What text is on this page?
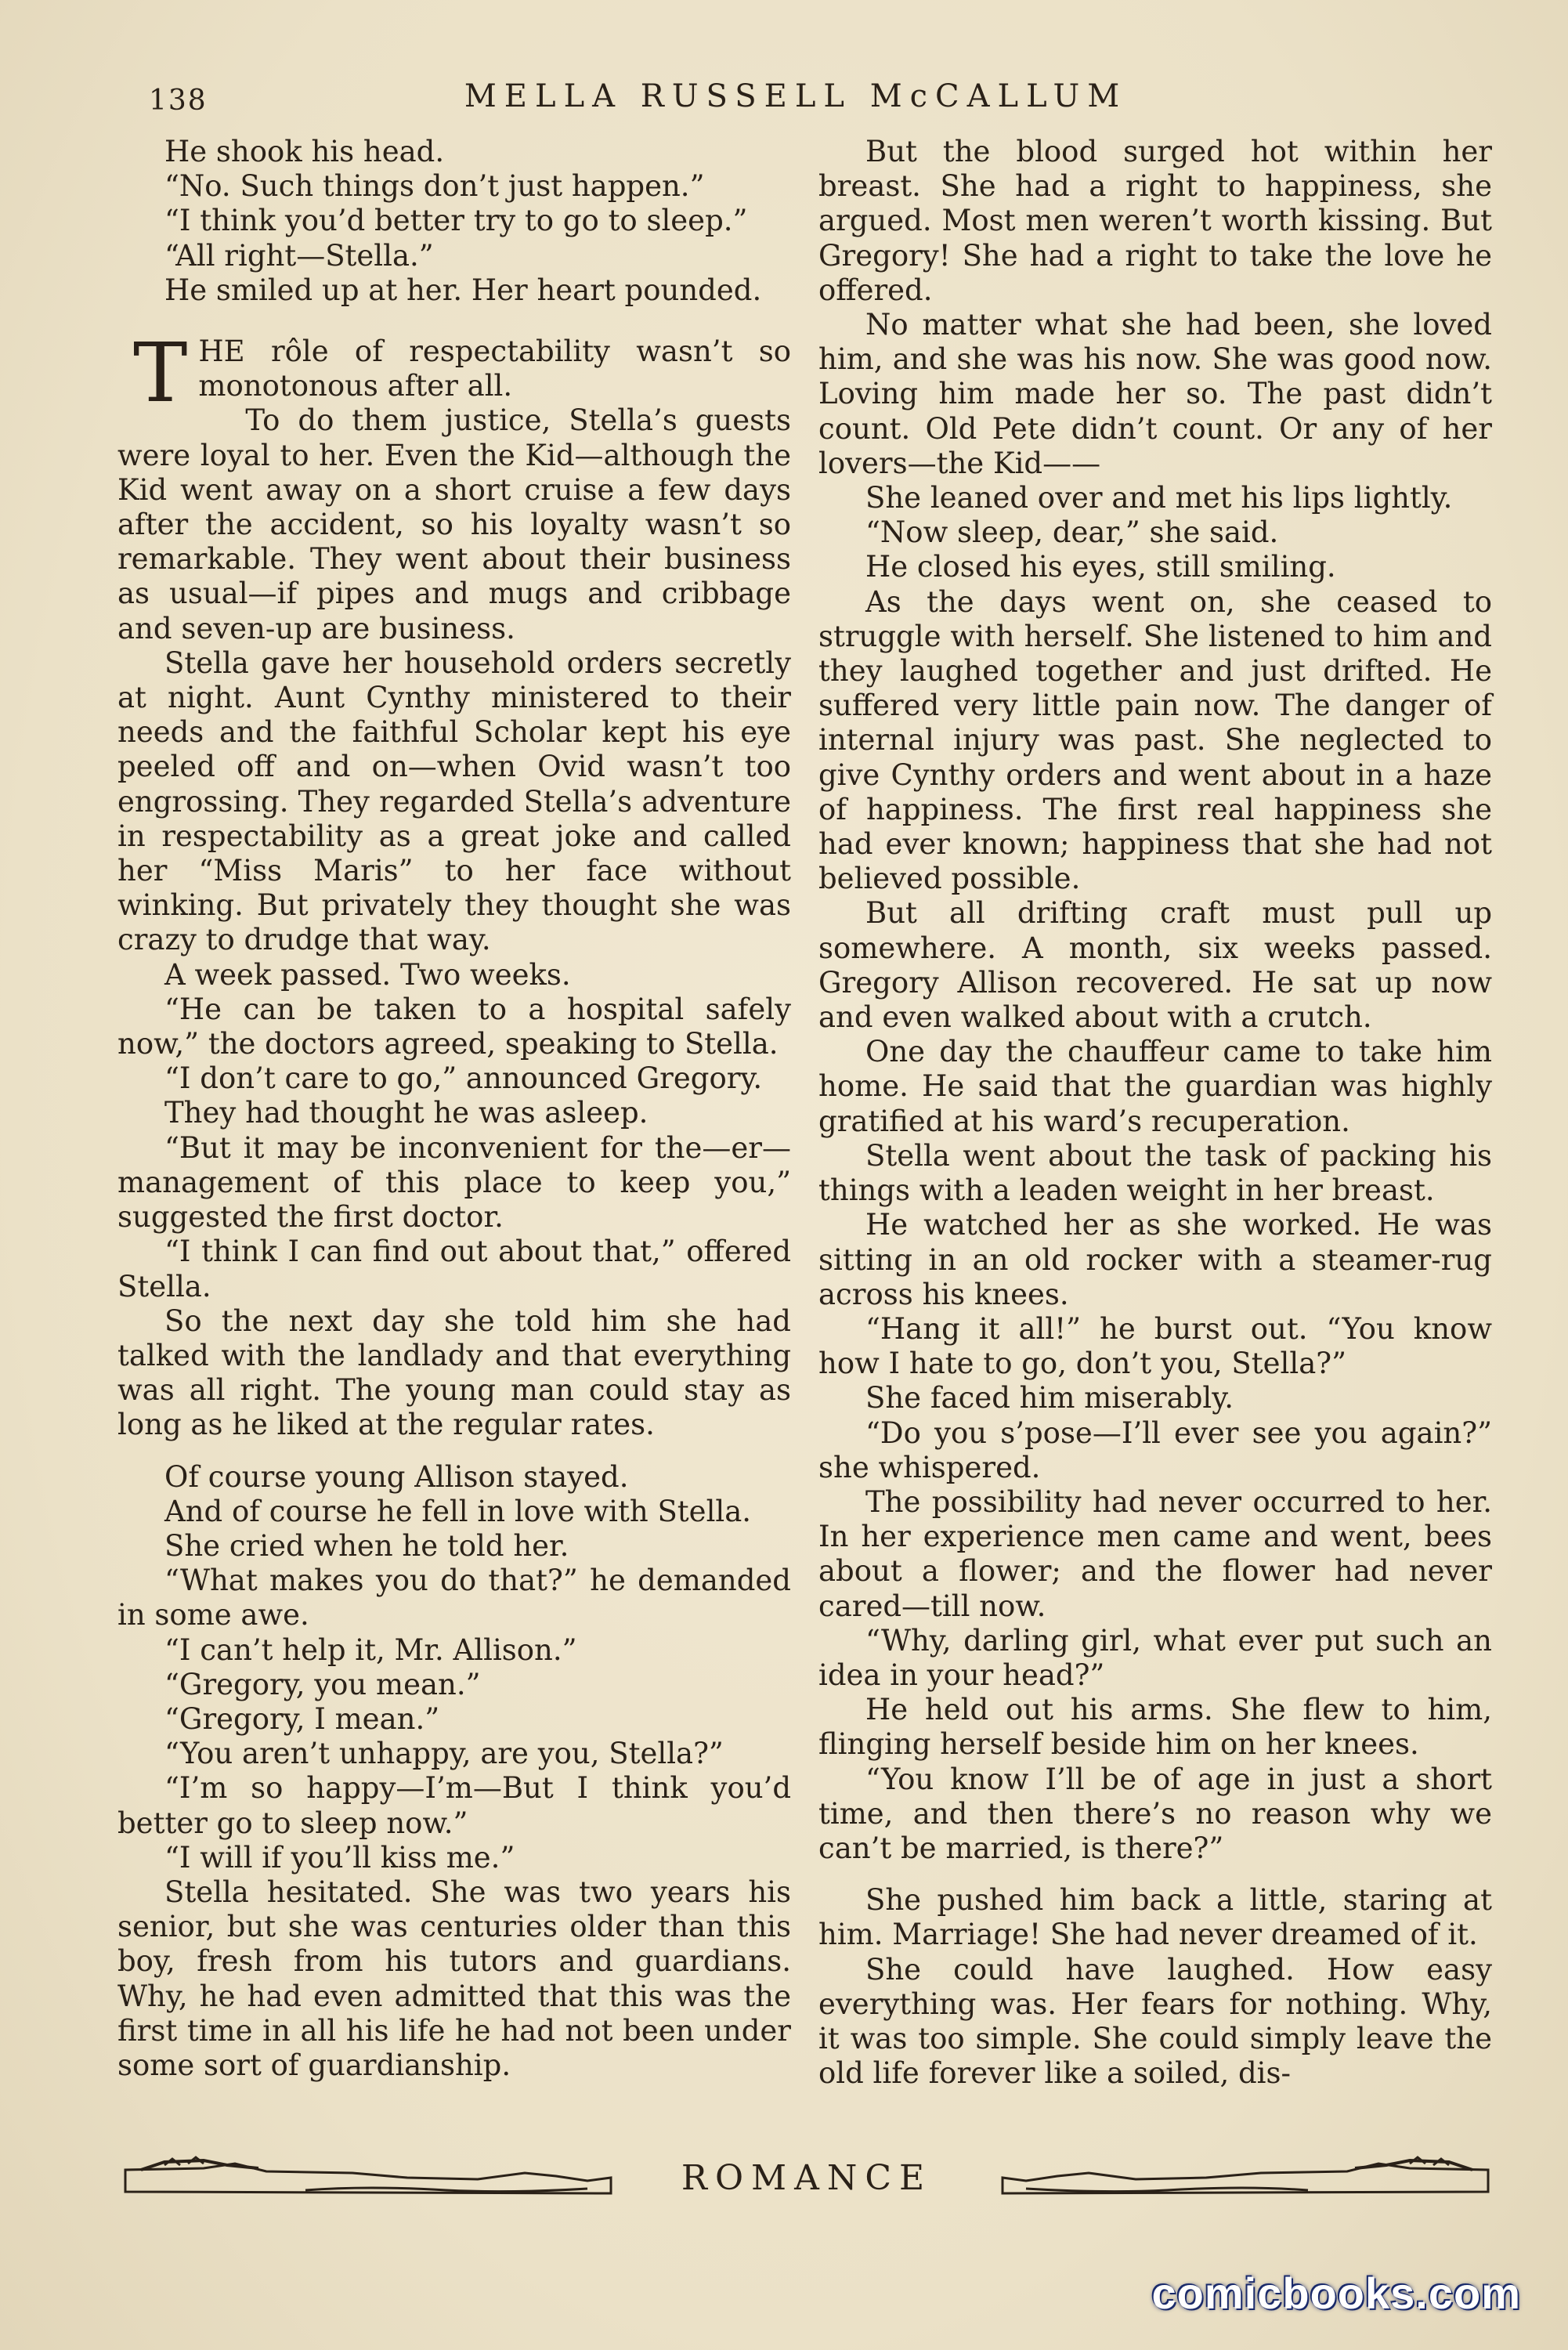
138	MELLA RUSSELL McCALLUM

He shook his head.

“No. Such things don’t just happen.”

“I think you’d better try to go to sleep.”

“All right—Stella.”

He smiled up at her. Her heart pounded.

THE rôle of respectability wasn’t so monotonous after all.

To do them justice, Stella’s guests were loyal to her. Even the Kid—although the Kid went away on a short cruise a few days after the accident, so his loyalty wasn’t so remarkable. They went about their business as usual—if pipes and mugs and cribbage and seven-up are business.

Stella gave her household orders secretly at night. Aunt Cynthy ministered to their needs and the faithful Scholar kept his eye peeled off and on—when Ovid wasn’t too engrossing. They regarded Stella’s adventure in respectability as a great joke and called her “Miss Maris” to her face without winking. But privately they thought she was crazy to drudge that way.

A week passed. Two weeks.

“He can be taken to a hospital safely now,” the doctors agreed, speaking to Stella.

“I don’t care to go,” announced Gregory.

They had thought he was asleep.

“But it may be inconvenient for the—er—management of this place to keep you,” suggested the first doctor.

“I think I can find out about that,” offered Stella.

So the next day she told him she had talked with the landlady and that everything was all right. The young man could stay as long as he liked at the regular rates.

Of course young Allison stayed.

And of course he fell in love with Stella.

She cried when he told her.

“What makes you do that?” he demanded in some awe.

“I can’t help it, Mr. Allison.”

“Gregory, you mean.”

“Gregory, I mean.”

“You aren’t unhappy, are you, Stella?”

“I’m so happy—I’m—But I think you’d better go to sleep now.”

“I will if you’ll kiss me.”

Stella hesitated. She was two years his senior, but she was centuries older than this boy, fresh from his tutors and guardians. Why, he had even admitted that this was the first time in all his life he had not been under some sort of guardianship.

But the blood surged hot within her breast. She had a right to happiness, she argued. Most men weren’t worth kissing. But Gregory! She had a right to take the love he offered.

No matter what she had been, she loved him, and she was his now. She was good now. Loving him made her so. The past didn’t count. Old Pete didn’t count. Or any of her lovers—the Kid——

She leaned over and met his lips lightly.

“Now sleep, dear,” she said.

He closed his eyes, still smiling.

As the days went on, she ceased to struggle with herself. She listened to him and they laughed together and just drifted. He suffered very little pain now. The danger of internal injury was past. She neglected to give Cynthy orders and went about in a haze of happiness. The first real happiness she had ever known; happiness that she had not believed possible.

But all drifting craft must pull up somewhere. A month, six weeks passed. Gregory Allison recovered. He sat up now and even walked about with a crutch.

One day the chauffeur came to take him home. He said that the guardian was highly gratified at his ward’s recuperation.

Stella went about the task of packing his things with a leaden weight in her breast.

He watched her as she worked. He was sitting in an old rocker with a steamer-rug across his knees.

“Hang it all!” he burst out. “You know how I hate to go, don’t you, Stella?”

She faced him miserably.

“Do you s’pose—I’ll ever see you again?” she whispered.

The possibility had never occurred to her. In her experience men came and went, bees about a flower; and the flower had never cared—till now.

“Why, darling girl, what ever put such an idea in your head?”

He held out his arms. She flew to him, flinging herself beside him on her knees.

“You know I’ll be of age in just a short time, and then there’s no reason why we can’t be married, is there?”

She pushed him back a little, staring at him. Marriage! She had never dreamed of it.

She could have laughed. How easy everything was. Her fears for nothing. Why, it was too simple. She could simply leave the old life forever like a soiled, dis-

ROMANCE
comicbooks.com
